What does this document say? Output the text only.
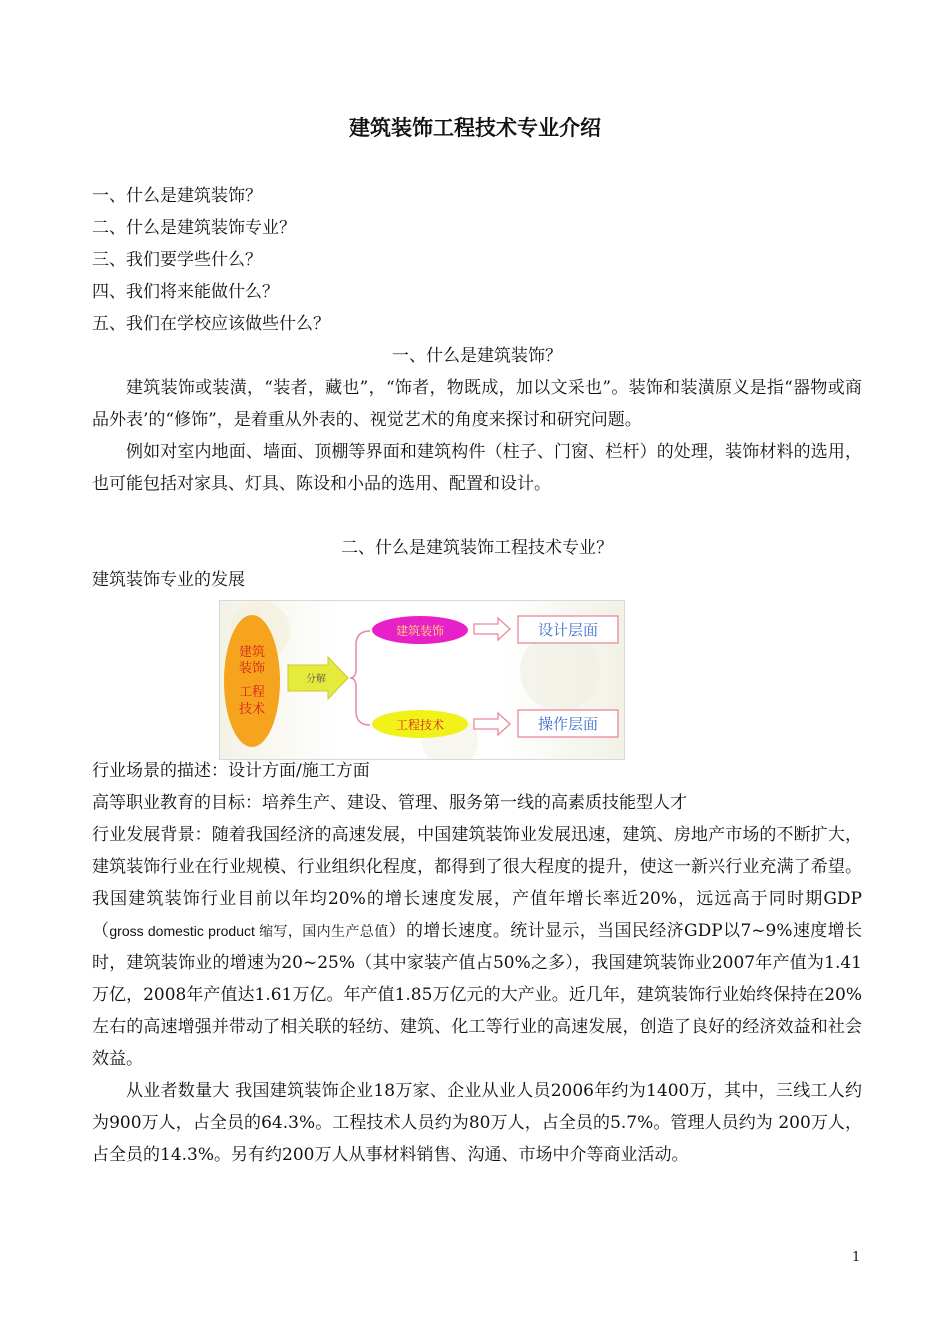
建筑装饰工程技术专业介绍
一、什么是建筑装饰？
二、什么是建筑装饰专业？
三、我们要学些什么？
四、我们将来能做什么？
五、我们在学校应该做些什么？
一、什么是建筑装饰？
建筑装饰或装潢，“装者，藏也”，“饰者，物既成，加以文采也”。装饰和装潢原义是指“器物或商品外表’的“修饰”，是着重从外表的、视觉艺术的角度来探讨和研究问题。
例如对室内地面、墙面、顶棚等界面和建筑构件（柱子、门窗、栏杆）的处理，装饰材料的选用，也可能包括对家具、灯具、陈设和小品的选用、配置和设计。
二、什么是建筑装饰工程技术专业？
建筑装饰专业的发展
建筑
装饰
工程
技术
分解
建筑装饰
工程技术
设计层面
操作层面
行业场景的描述：设计方面/施工方面
高等职业教育的目标：培养生产、建设、管理、服务第一线的高素质技能型人才
行业发展背景：随着我国经济的高速发展，中国建筑装饰业发展迅速，建筑、房地产市场的不断扩大，建筑装饰行业在行业规模、行业组织化程度，都得到了很大程度的提升，使这一新兴行业充满了希望。我国建筑装饰行业目前以年均20%的增长速度发展，产值年增长率近20%，远远高于同时期GDP（gross domestic product 缩写，国内生产总值）的增长速度。统计显示，当国民经济GDP以7~9%速度增长时，建筑装饰业的增速为20~25%（其中家装产值占50%之多），我国建筑装饰业2007年产值为1.41万亿，2008年产值达1.61万亿。年产值1.85万亿元的大产业。近几年，建筑装饰行业始终保持在20%左右的高速增强并带动了相关联的轻纺、建筑、化工等行业的高速发展，创造了良好的经济效益和社会效益。
从业者数量大 我国建筑装饰企业18万家、企业从业人员2006年约为1400万，其中，三线工人约为900万人，占全员的64.3%。工程技术人员约为80万人，占全员的5.7%。管理人员约为 200万人，占全员的14.3%。另有约200万人从事材料销售、沟通、市场中介等商业活动。
1
